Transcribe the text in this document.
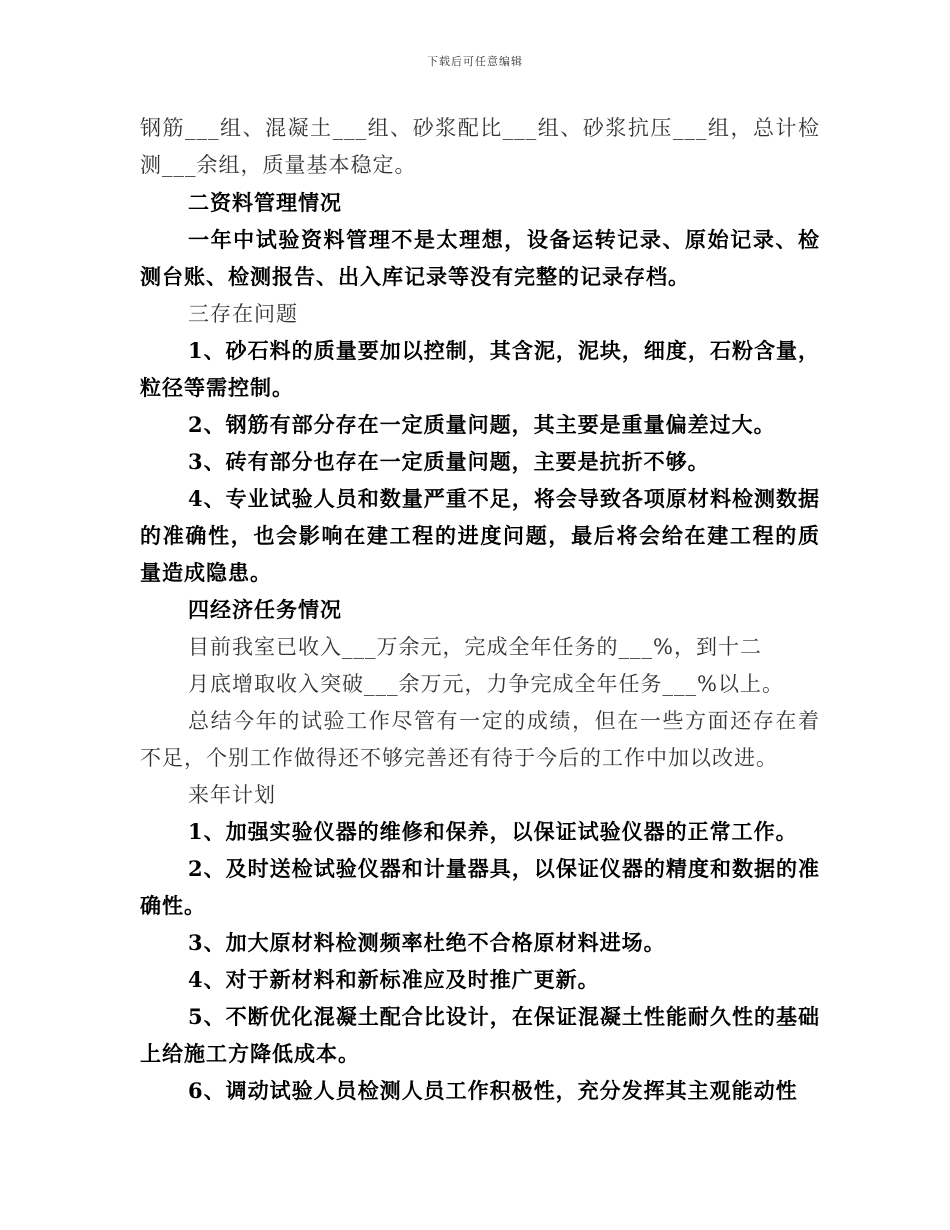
下载后可任意编辑
钢筋___组、混凝土___组、砂浆配比___组、砂浆抗压___组，总计检
测___余组，质量基本稳定。
二资料管理情况
一年中试验资料管理不是太理想，设备运转记录、原始记录、检
测台账、检测报告、出入库记录等没有完整的记录存档。
三存在问题
1、砂石料的质量要加以控制，其含泥，泥块，细度，石粉含量，
粒径等需控制。
2、钢筋有部分存在一定质量问题，其主要是重量偏差过大。
3、砖有部分也存在一定质量问题，主要是抗折不够。
4、专业试验人员和数量严重不足，将会导致各项原材料检测数据
的准确性，也会影响在建工程的进度问题，最后将会给在建工程的质
量造成隐患。
四经济任务情况
目前我室已收入___万余元，完成全年任务的___%，到十二
月底增取收入突破___余万元，力争完成全年任务___%以上。
总结今年的试验工作尽管有一定的成绩，但在一些方面还存在着
不足，个别工作做得还不够完善还有待于今后的工作中加以改进。
来年计划
1、加强实验仪器的维修和保养，以保证试验仪器的正常工作。
2、及时送检试验仪器和计量器具，以保证仪器的精度和数据的准
确性。
3、加大原材料检测频率杜绝不合格原材料进场。
4、对于新材料和新标准应及时推广更新。
5、不断优化混凝土配合比设计，在保证混凝土性能耐久性的基础
上给施工方降低成本。
6、调动试验人员检测人员工作积极性，充分发挥其主观能动性
